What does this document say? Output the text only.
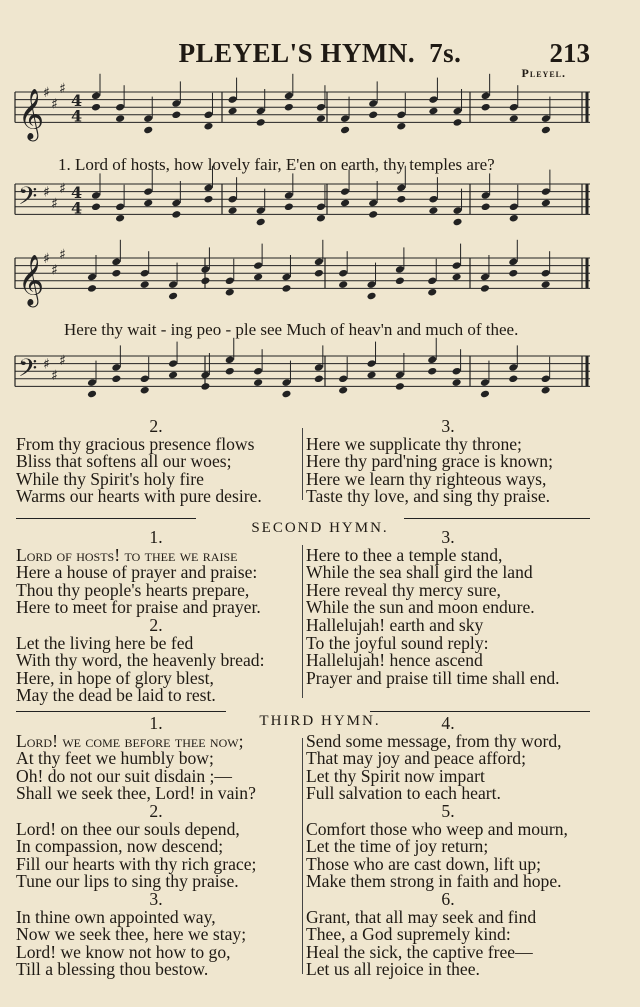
PLEYEL'S HYMN. 7s.	213
Pleyel.
𝄞
♯
♯
♯
4
4
𝄢 ♯
♯
♯ 4
4
𝄞
♯
♯
♯
𝄢 ♯
♯
♯
1. Lord of hosts, how lovely fair, E'en on earth, thy temples are?
Here thy wait - ing peo - ple see Much of heav'n and much of thee.
2.
From thy gracious presence flows
Bliss that softens all our woes;
While thy Spirit's holy fire
Warms our hearts with pure desire.
3.
Here we supplicate thy throne;
Here thy pard'ning grace is known;
Here we learn thy righteous ways,
Taste thy love, and sing thy praise.
SECOND HYMN.
1.
Lord of hosts! to thee we raise
Here a house of prayer and praise:
Thou thy people's hearts prepare,
Here to meet for praise and prayer.
2.
Let the living here be fed
With thy word, the heavenly bread:
Here, in hope of glory blest,
May the dead be laid to rest.
3.
Here to thee a temple stand,
While the sea shall gird the land
Here reveal thy mercy sure,
While the sun and moon endure.
Hallelujah! earth and sky
To the joyful sound reply:
Hallelujah! hence ascend
Prayer and praise till time shall end.
THIRD HYMN.
1.
Lord! we come before thee now;
At thy feet we humbly bow;
Oh! do not our suit disdain ;—
Shall we seek thee, Lord! in vain?
2.
Lord! on thee our souls depend,
In compassion, now descend;
Fill our hearts with thy rich grace;
Tune our lips to sing thy praise.
3.
In thine own appointed way,
Now we seek thee, here we stay;
Lord! we know not how to go,
Till a blessing thou bestow.
4.
Send some message, from thy word,
That may joy and peace afford;
Let thy Spirit now impart
Full salvation to each heart.
5.
Comfort those who weep and mourn,
Let the time of joy return;
Those who are cast down, lift up;
Make them strong in faith and hope.
6.
Grant, that all may seek and find
Thee, a God supremely kind:
Heal the sick, the captive free—
Let us all rejoice in thee.
